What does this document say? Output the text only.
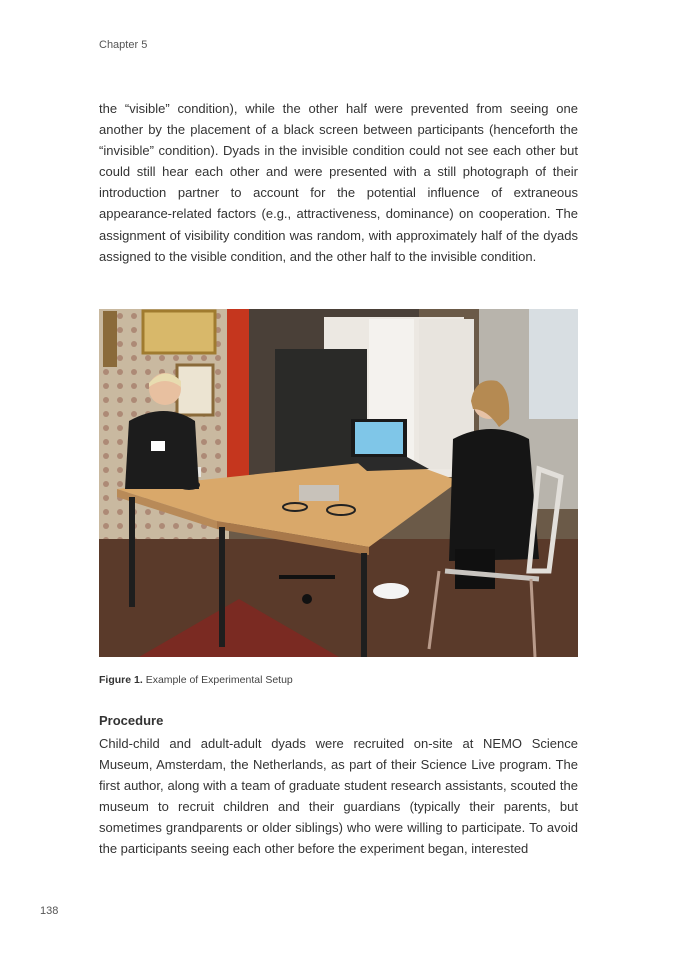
Chapter 5

the “visible” condition), while the other half were prevented from seeing one another by the placement of a black screen between participants (henceforth the “invisible” condition). Dyads in the invisible condition could not see each other but could still hear each other and were presented with a still photograph of their introduction partner to account for the potential influence of extraneous appearance-related factors (e.g., attractiveness, dominance) on cooperation. The assignment of visibility condition was random, with approximately half of the dyads assigned to the visible condition, and the other half to the invisible condition.

Figure 1. Example of Experimental Setup
Procedure

Child-child and adult-adult dyads were recruited on-site at NEMO Science Museum, Amsterdam, the Netherlands, as part of their Science Live program. The first author, along with a team of graduate student research assistants, scouted the museum to recruit children and their guardians (typically their parents, but sometimes grandparents or older siblings) who were willing to participate. To avoid the participants seeing each other before the experiment began, interested

138
